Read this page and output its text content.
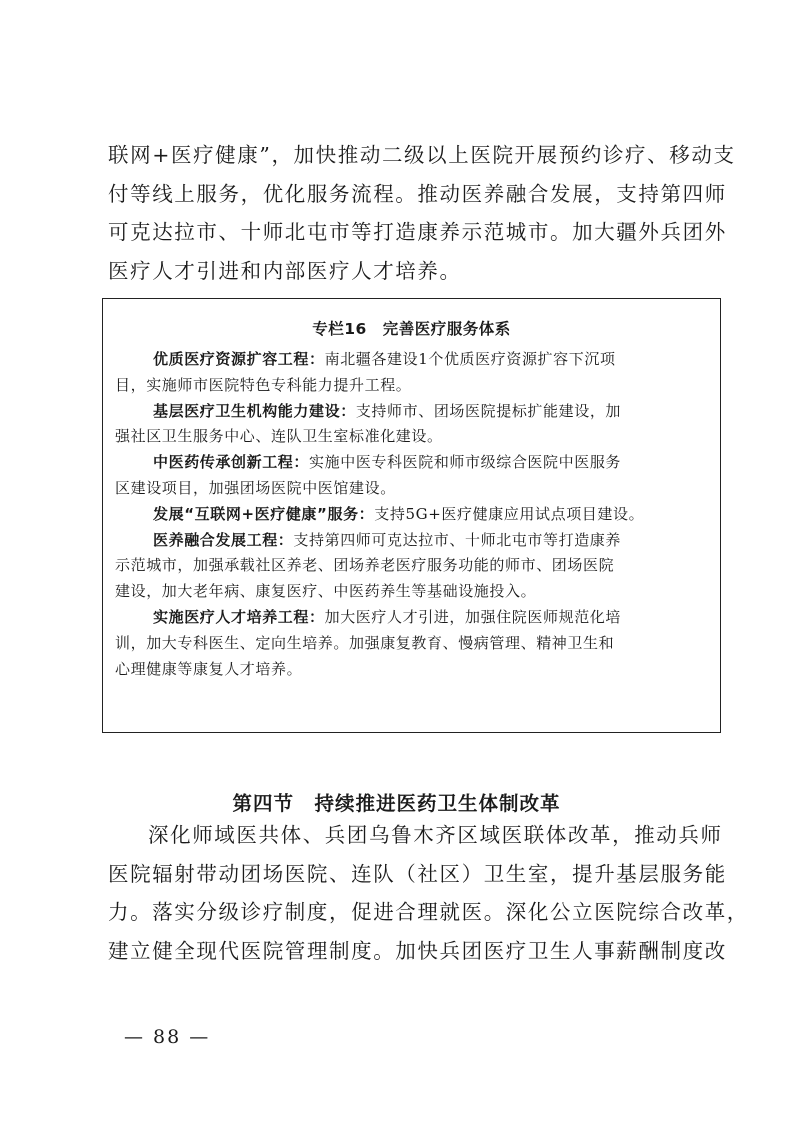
联网+医疗健康”，加快推动二级以上医院开展预约诊疗、移动支
付等线上服务，优化服务流程。推动医养融合发展，支持第四师
可克达拉市、十师北屯市等打造康养示范城市。加大疆外兵团外
医疗人才引进和内部医疗人才培养。
专栏16　完善医疗服务体系
优质医疗资源扩容工程：南北疆各建设1个优质医疗资源扩容下沉项
目，实施师市医院特色专科能力提升工程。
基层医疗卫生机构能力建设：支持师市、团场医院提标扩能建设，加
强社区卫生服务中心、连队卫生室标准化建设。
中医药传承创新工程：实施中医专科医院和师市级综合医院中医服务
区建设项目，加强团场医院中医馆建设。
发展“互联网+医疗健康”服务：支持5G+医疗健康应用试点项目建设。
医养融合发展工程：支持第四师可克达拉市、十师北屯市等打造康养
示范城市，加强承载社区养老、团场养老医疗服务功能的师市、团场医院
建设，加大老年病、康复医疗、中医药养生等基础设施投入。
实施医疗人才培养工程：加大医疗人才引进，加强住院医师规范化培
训，加大专科医生、定向生培养。加强康复教育、慢病管理、精神卫生和
心理健康等康复人才培养。
第四节　持续推进医药卫生体制改革
深化师域医共体、兵团乌鲁木齐区域医联体改革，推动兵师
医院辐射带动团场医院、连队（社区）卫生室，提升基层服务能
力。落实分级诊疗制度，促进合理就医。深化公立医院综合改革，
建立健全现代医院管理制度。加快兵团医疗卫生人事薪酬制度改
— 88 —
